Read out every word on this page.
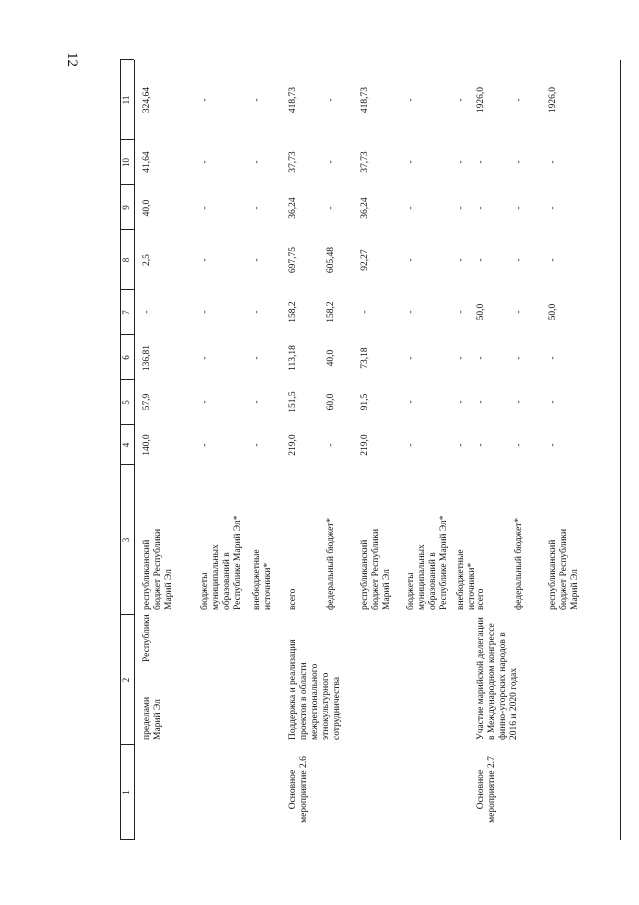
12
1
2
3
4
5
6
7
8
9
10
11
пределами
Марий Эл
Республики
республиканский
бюджет Республики
Марий Эл
140,0
57,9
136,81
-
2,5
40,0
41,64
324,64
бюджеты
муниципальных
образований в
Республике Марий Эл*
-
-
-
-
-
-
-
-
внебюджетные
источники*
-
-
-
-
-
-
-
-
Основное
мероприятие 2.6
Поддержка и реализация
проектов в области
межрегионального
этнокультурного
сотрудничества
всего
219,0
151,5
113,18
158,2
697,75
36,24
37,73
418,73
федеральный бюджет*
-
60,0
40,0
158,2
605,48
-
-
-
республиканский
бюджет Республики
Марий Эл
219,0
91,5
73,18
-
92,27
36,24
37,73
418,73
бюджеты
муниципальных
образований в
Республике Марий Эл*
-
-
-
-
-
-
-
-
внебюджетные
источники*
-
-
-
-
-
-
-
-
Основное
мероприятие 2.7
Участие марийской делегации
в Международном конгрессе
финно-угорских народов в
2016 и 2020 годах
всего
-
-
-
50,0
-
-
-
1926,0
федеральный бюджет*
-
-
-
-
-
-
-
-
республиканский
бюджет Республики
Марий Эл
-
-
-
50,0
-
-
-
1926,0
